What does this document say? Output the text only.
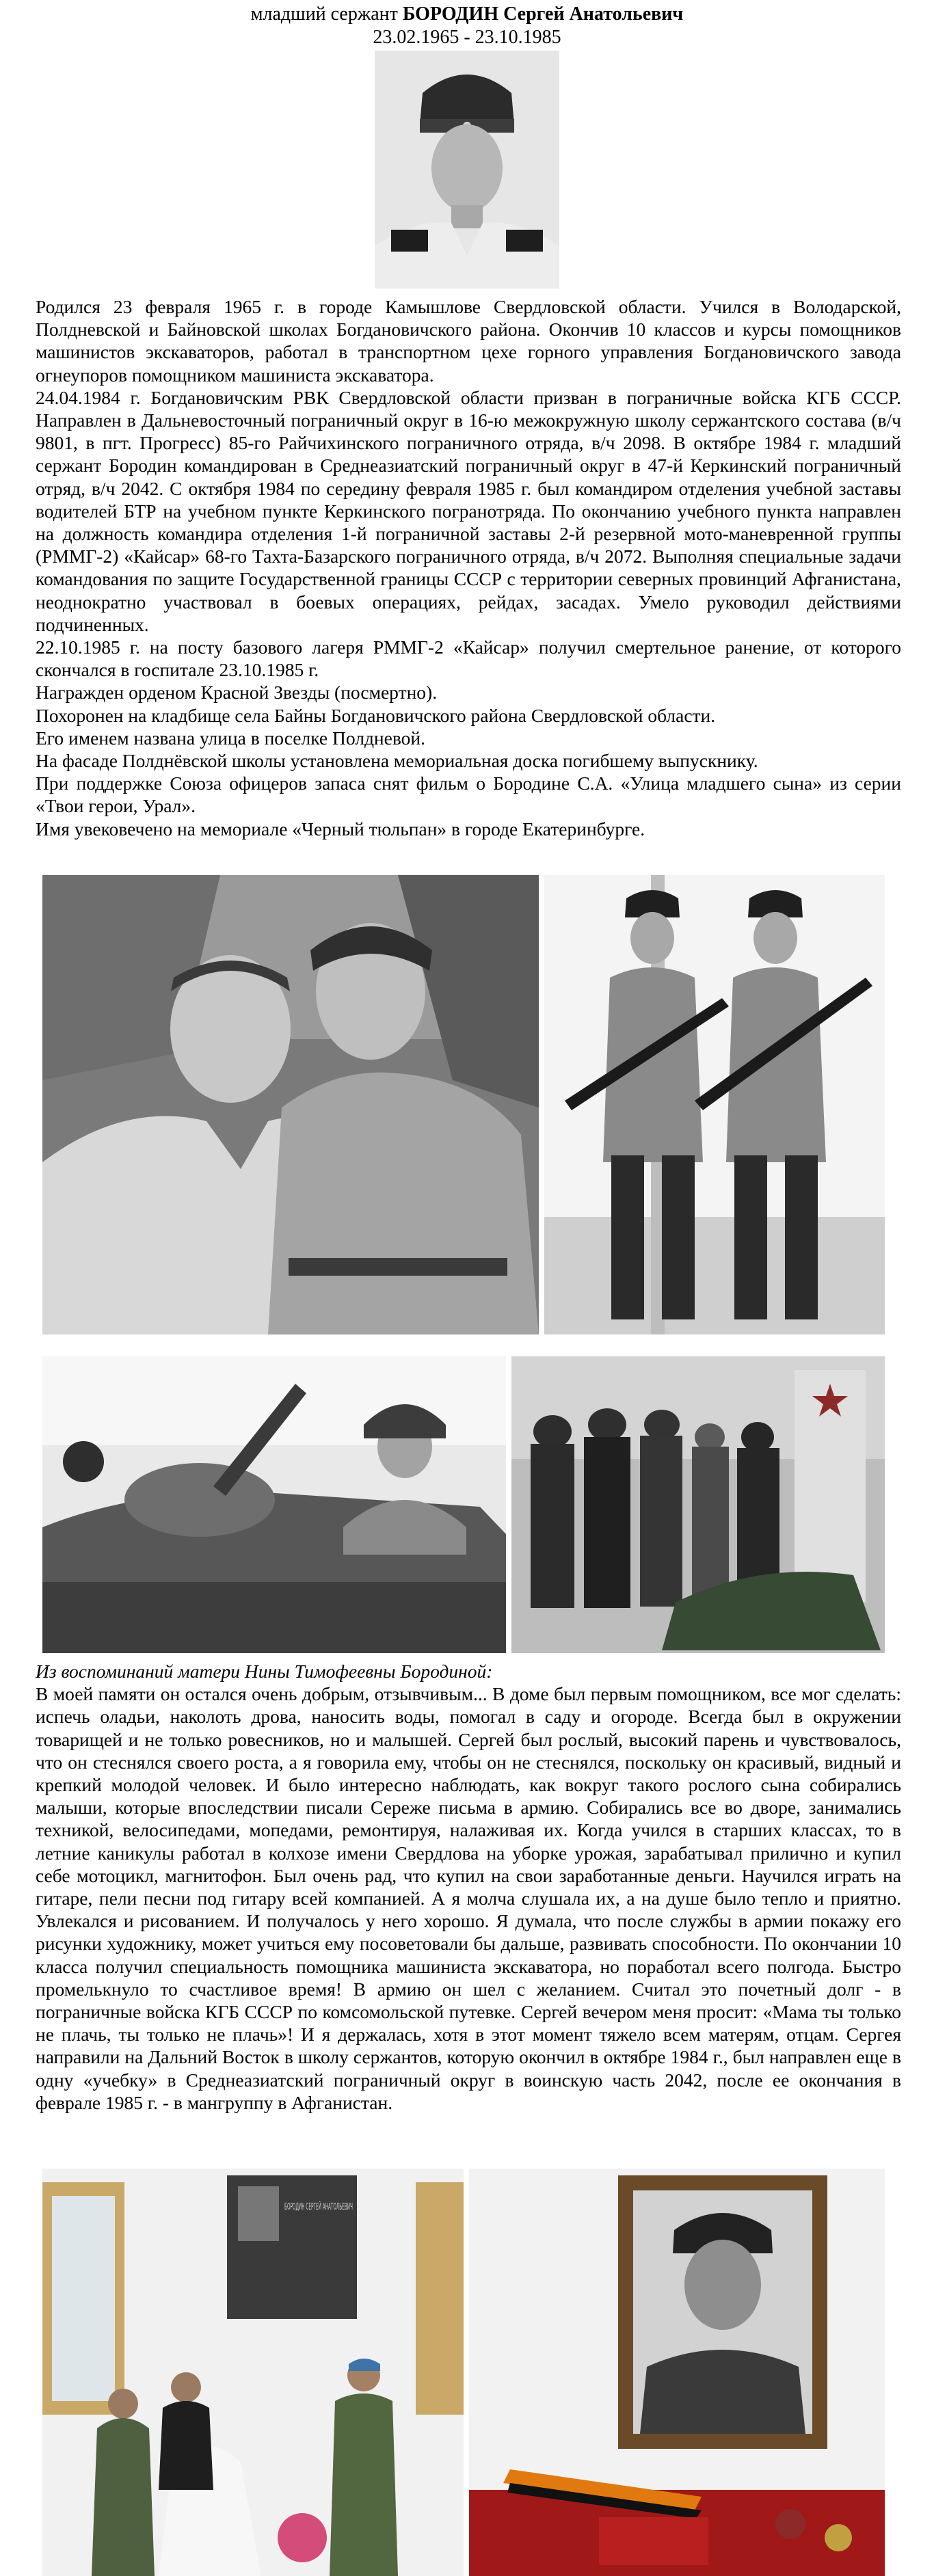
младший сержант БОРОДИН Сергей Анатольевич
23.02.1965 - 23.10.1985

Родился 23 февраля 1965 г. в городе Камышлове Свердловской области. Учился в Володарской, Полдневской и Байновской школах Богдановичского района. Окончив 10 классов и курсы помощников машинистов экскаваторов, работал в транспортном цехе горного управления Богдановичского завода огнеупоров помощником машиниста экскаватора.

24.04.1984 г. Богдановичским РВК Свердловской области призван в пограничные войска КГБ СССР. Направлен в Дальневосточный пограничный округ в 16-ю межокружную школу сержантского состава (в/ч 9801, в пгт. Прогресс) 85-го Райчихинского пограничного отряда, в/ч 2098. В октябре 1984 г. младший сержант Бородин командирован в Среднеазиатский пограничный округ в 47-й Керкинский пограничный отряд, в/ч 2042. С октября 1984 по середину февраля 1985 г. был командиром отделения учебной заставы водителей БТР на учебном пункте Керкинского погранотряда. По окончанию учебного пункта направлен на должность командира отделения 1-й пограничной заставы 2-й резервной мото-маневренной группы (РММГ-2) «Кайсар» 68-го Тахта-Базарского пограничного отряда, в/ч 2072. Выполняя специальные задачи командования по защите Государственной границы СССР с территории северных провинций Афганистана, неоднократно участвовал в боевых операциях, рейдах, засадах. Умело руководил действиями подчиненных.

22.10.1985 г. на посту базового лагеря РММГ-2 «Кайсар» получил смертельное ранение, от которого скончался в госпитале 23.10.1985 г.

Награжден орденом Красной Звезды (посмертно).

Похоронен на кладбище села Байны Богдановичского района Свердловской области.

Его именем названа улица в поселке Полдневой.

На фасаде Полднёвской школы установлена мемориальная доска погибшему выпускнику.

При поддержке Союза офицеров запаса снят фильм о Бородине С.А. «Улица младшего сына» из серии «Твои герои, Урал».

Имя увековечено на мемориале «Черный тюльпан» в городе Екатеринбурге.

Из воспоминаний матери Нины Тимофеевны Бородиной:

В моей памяти он остался очень добрым, отзывчивым... В доме был первым помощником, все мог сделать: испечь оладьи, наколоть дрова, наносить воды, помогал в саду и огороде. Всегда был в окружении товарищей и не только ровесников, но и малышей. Сергей был рослый, высокий парень и чувствовалось, что он стеснялся своего роста, а я говорила ему, чтобы он не стеснялся, поскольку он красивый, видный и крепкий молодой человек. И было интересно наблюдать, как вокруг такого рослого сына собирались малыши, которые впоследствии писали Сереже письма в армию. Собирались все во дворе, занимались техникой, велосипедами, мопедами, ремонтируя, налаживая их. Когда учился в старших классах, то в летние каникулы работал в колхозе имени Свердлова на уборке урожая, зарабатывал прилично и купил себе мотоцикл, магнитофон. Был очень рад, что купил на свои заработанные деньги. Научился играть на гитаре, пели песни под гитару всей компанией. А я молча слушала их, а на душе было тепло и приятно. Увлекался и рисованием. И получалось у него хорошо. Я думала, что после службы в армии покажу его рисунки художнику, может учиться ему посоветовали бы дальше, развивать способности. По окончании 10 класса получил специальность помощника машиниста экскаватора, но поработал всего полгода. Быстро промелькнуло то счастливое время! В армию он шел с желанием. Считал это почетный долг - в пограничные войска КГБ СССР по комсомольской путевке. Сергей вечером меня просит: «Мама ты только не плачь, ты только не плачь»! И я держалась, хотя в этот момент тяжело всем матерям, отцам. Сергея направили на Дальний Восток в школу сержантов, которую окончил в октябре 1984 г., был направлен еще в одну «учебку» в Среднеазиатский пограничный округ в воинскую часть 2042, после ее окончания в феврале 1985 г. - в мангруппу в Афганистан.
